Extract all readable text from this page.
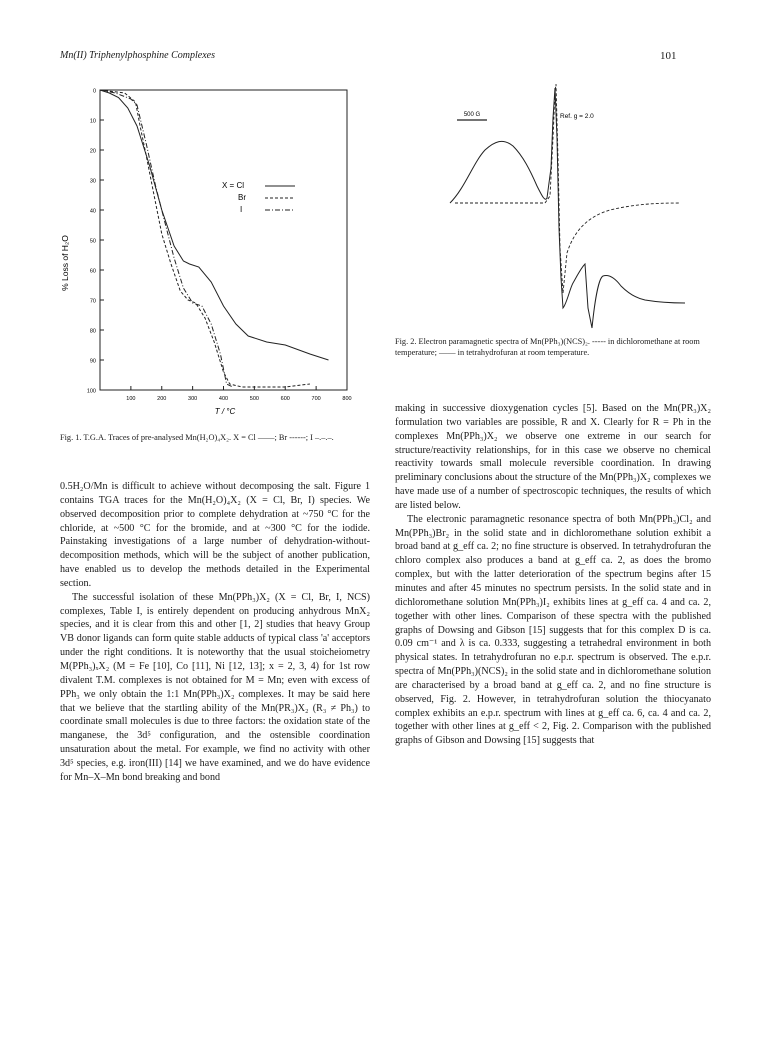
Mn(II) Triphenylphosphine Complexes	101
0
10
20
30
40
50
60
70
80
90
100
100	200	300	400	500	600	700	800
X = Cl
Br
I
% Loss of H₂O
T / °C
Fig. 1. T.G.A. Traces of pre-analysed Mn(H₂O)₄X₂. X = Cl ——; Br ------; I –.–.–.
500 G	Ref. g = 2.0
Fig. 2. Electron paramagnetic spectra of Mn(PPh₃)(NCS)₂. ----- in dichloromethane at room temperature; —— in tetrahydrofuran at room temperature.

0.5H₂O/Mn is difficult to achieve without decomposing the salt. Figure 1 contains TGA traces for the Mn(H₂O)₄X₂ (X = Cl, Br, I) species. We observed decomposition prior to complete dehydration at ~750 °C for the chloride, at ~500 °C for the bromide, and at ~300 °C for the iodide. Painstaking investigations of a large number of dehydration-without-decomposition methods, which will be the subject of another publication, have enabled us to develop the methods detailed in the Experimental section.

The successful isolation of these Mn(PPh₃)X₂ (X = Cl, Br, I, NCS) complexes, Table I, is entirely dependent on producing anhydrous MnX₂ species, and it is clear from this and other [1, 2] studies that heavy Group VB donor ligands can form quite stable adducts of typical class 'a' acceptors under the right conditions. It is noteworthy that the usual stoicheiometry M(PPh₃)ₓX₂ (M = Fe [10], Co [11], Ni [12, 13]; x = 2, 3, 4) for 1st row divalent T.M. complexes is not obtained for M = Mn; even with excess of PPh₃ we only obtain the 1:1 Mn(PPh₃)X₂ complexes. It may be said here that we believe that the startling ability of the Mn(PR₃)X₂ (R₃ ≠ Ph₃) to coordinate small molecules is due to three factors: the oxidation state of the manganese, the 3d⁵ configuration, and the ostensible coordination unsaturation about the metal. For example, we find no activity with other 3d⁵ species, e.g. iron(III) [14] we have examined, and we do have evidence for Mn–X–Mn bond breaking and bond

making in successive dioxygenation cycles [5]. Based on the Mn(PR₃)X₂ formulation two variables are possible, R and X. Clearly for R = Ph in the complexes Mn(PPh₃)X₂ we observe one extreme in our search for structure/reactivity relationships, for in this case we observe no chemical reactivity towards small molecule reversible coordination. In drawing preliminary conclusions about the structure of the Mn(PPh₃)X₂ complexes we have made use of a number of spectroscopic techniques, the results of which are listed below.

The electronic paramagnetic resonance spectra of both Mn(PPh₃)Cl₂ and Mn(PPh₃)Br₂ in the solid state and in dichloromethane solution exhibit a broad band at g_eff ca. 2; no fine structure is observed. In tetrahydrofuran the chloro complex also produces a band at g_eff ca. 2, as does the bromo complex, but with the latter deterioration of the spectrum begins after 15 minutes and after 45 minutes no spectrum persists. In the solid state and in dichloromethane solution Mn(PPh₃)I₂ exhibits lines at g_eff ca. 4 and ca. 2, together with other lines. Comparison of these spectra with the published graphs of Dowsing and Gibson [15] suggests that for this complex D is ca. 0.09 cm⁻¹ and λ is ca. 0.333, suggesting a tetrahedral environment in both physical states. In tetrahydrofuran no e.p.r. spectrum is observed. The e.p.r. spectra of Mn(PPh₃)(NCS)₂ in the solid state and in dichloromethane solution are characterised by a broad band at g_eff ca. 2, and no fine structure is observed, Fig. 2. However, in tetrahydrofuran solution the thiocyanato complex exhibits an e.p.r. spectrum with lines at g_eff ca. 6, ca. 4 and ca. 2, together with other lines at g_eff < 2, Fig. 2. Comparison with the published graphs of Gibson and Dowsing [15] suggests that
